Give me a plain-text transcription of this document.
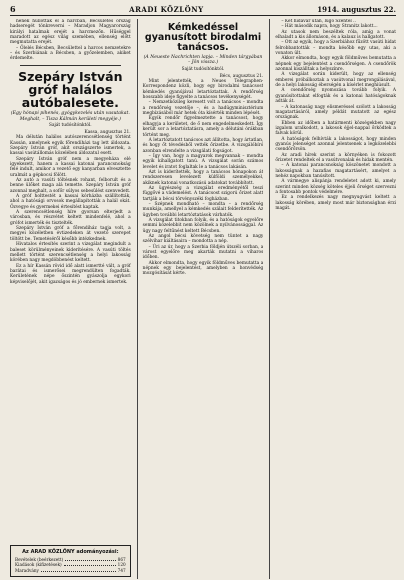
6	ARADI KÖZLÖNY	1914. augusztus 22.

nének hullottak el a harcban, Becsületes ország hadseregét tönkreverni – Maradjon Magyarország királyi hatalmak erejét a harcmezőn. Hűséggel maradott az egész világ szemében, ellenség előtt megmutatta erejét.

– Ölelés Bécsben, Becsülettel a harcos nemzetekre – és Szerbiának a Bécsben, a győzelemben, akiket érdemelte.

Szepáry István gróf halálos autóbalesete.
(Egy hónapi pihenés, gyógykezelés után vasutakat. Meghalt, – Tisza Kálmán kerületi megyéje.)
Saját tudósítónktól.

Kassa, augusztus 21.

Ma délután halálos autószerencsétlenség történt Kassán, amelynek egyik főrendiházi tag lett áldozata. Szepáry István gróf, akit országszerte ismertek, a kassai vasútállomás közelében áldozatul esett.

Szepáry István gróf nem a megyeháza elé igyekezett, hanem a kassai katonai parancsnokság felé indult, amikor a vezető egy kanyarban elvesztette uralmát a gépkocsi fölött.

Az autó a vasúti töltésnek rohant, felborult és a benne ülőket maga alá temette. Szepáry István gróf azonnal meghalt, a sofőr súlyos sebesülést szenvedett.

A gróf holttestét a kassai kórházba szállították, ahol a hatósági orvosok megállapították a halál okát. Özvegye és gyermekei értesítést kaptak.

A szerencsétlenség híre gyorsan elterjedt a városban, és részvétet keltett mindenfelé, ahol a grófot ismerték és tisztelték.

Szepáry István gróf a főrendiház tagja volt, a megyei közéletben évtizedeken át vezető szerepet töltött be. Temetéséről később intézkednek.

Hivatalos értesítés szerint a vizsgálat megindult a baleset körülményeinek kiderítésére. A vasúti töltés mellett történt szerencsétlenség a helyi lakosság körében nagy megdöbbenést keltett.

Ez a hír Kassán rövid idő alatt ismertté vált, a gróf barátai és ismerősei megrendülten fogadták. Kerületének népe őszintén gyászolja egykori képviselőjét, akit igazságos és jó embernek ismertek.

Az ARAD KÖZLÖNY adományozási:
Bevételek (beérkezett)	867
Kiadások (kifizetések)	120
Maradvány	747
Kémkedéssel gyanusított birodalmi tanácsos.
(A Neueste Nachrichten lapja. – Minden tárgyában – Jön vissza.)
Saját tudósítónktól.

Bécs, augusztus 21.

Mint jelentették, a Neues Telegraphen-Korrespondenz közli, hogy egy birodalmi tanácsost kémkedés gyanújával letartóztattak. A rendőrség hosszabb ideje figyelte a tanácsos tevékenységét.

– Nemzetközileg keresett volt a tanácsos – mondta a rendőrség vezetője –, és a hadügyminisztérium megbízásából már hetek óta kísérték minden lépését.

Egyik rendőr figyelmeztette a tanácsost, hogy elhagyja a kerületet, de ő nem engedelmeskedett. Így került sor a letartóztatásra, amely a délutáni órákban történt meg.

A letartóztatott tanácsos azt állította, hogy ártatlan, és hogy őt tévedésből vették őrizetbe. A vizsgálóbíró azonban elrendelte a vizsgálati fogságot.

– Így van, hogy a magyarok megvannak – mondta egyik kihallgatott tanú. A vizsgálat során számos levelet és iratot foglaltak le a tanácsos lakásán.

Azt is kiderítették, hogy a tanácsos hónapokon át rendszeresen levelezett külföldi személyekkel, akiknek katonai vonatkozású adatokat továbbított.

Az ügyészség a vizsgálat eredményétől teszi függővé a vádemelést. A tanácsost szigorú őrizet alatt tartják a bécsi törvényszéki fogházban.

– Szépnek mondható – mondta – a rendőrség munkája, amellyel a kémkedés szálait felderítették. Az ügyben további letartóztatások várhatók.

A vizsgálat titokban folyik, és a hatóságok egyelőre semmi közelebbit nem közölnek a nyilvánossággal. Az ügy nagy feltűnést keltett Bécsben.

Az angol bécsi követség nem tüntet a nagy szélvihar kiáltásaira – mondotta a nép.

– Úri az úr, hogy a Szerbia földjén útszéli sorban, a várost egyelőre meg akarták mutatni a viharos időben.

Akkor elmondta, hogy egyik földműves bemutatta a népnek egy bejelentést, amelyben a honvédség mozgósítását kérte.

– Két hidavár után, lugo Szentél ..

– Hát második napra, hogy Stranitz lakott...

Az utasok nem beszéltek róla, amíg a vonat elhaladt a kis állomáson, és a kalauz is hallgatott.

– Ott az egyik, hogy a Szerbiához fűzött vasúti hidat felrobbantották – mondta később egy utas, aki a vonaton ült.

Akkor elmondta, hogy egyik földműves bemutatta a népnek egy bejelentést a csendőrségen. A csendőrök azonnal kiszálltak a helyszínre.

A vizsgálat során kiderült, hogy az ellenség emberei próbálkoztak a vasútvonal megrongálásával, de a helyi lakosság éberségén a kísérlet meghiúsult.

A csendőrség nyomozása tovább folyik. A gyanúsítottakat elfogták és a katonai hatóságoknak adták át.

– A katonaság nagy elismeréssel szólott a lakosság magatartásáról, amely példát mutatott az egész országnak.

Ebben az időben a határmenti községekben nagy izgalom uralkodott, a lakosok éjjel-nappal őrködtek a falvak körül.

A hatóságok felhívták a lakosságot, hogy minden gyanús jelenséget azonnal jelentsenek a legközelebbi csendőrőrsön.

Az aradi hírek szerint a környéken is fokozott őrizetet rendeltek el a vasútvonalak és hidak mentén.

– A katonai parancsnokság köszönetet mondott a lakosságnak a hazafias magatartásért, amelyet a nehéz napokban tanúsított.

A vármegye alispánja rendeletet adott ki, amely szerint minden község köteles éjjeli őrséget szervezni a fontosabb pontok védelmére.

Ez a rendelkezés nagy megnyugvást keltett a lakosság körében, amely most már biztonságban érzi magát.
